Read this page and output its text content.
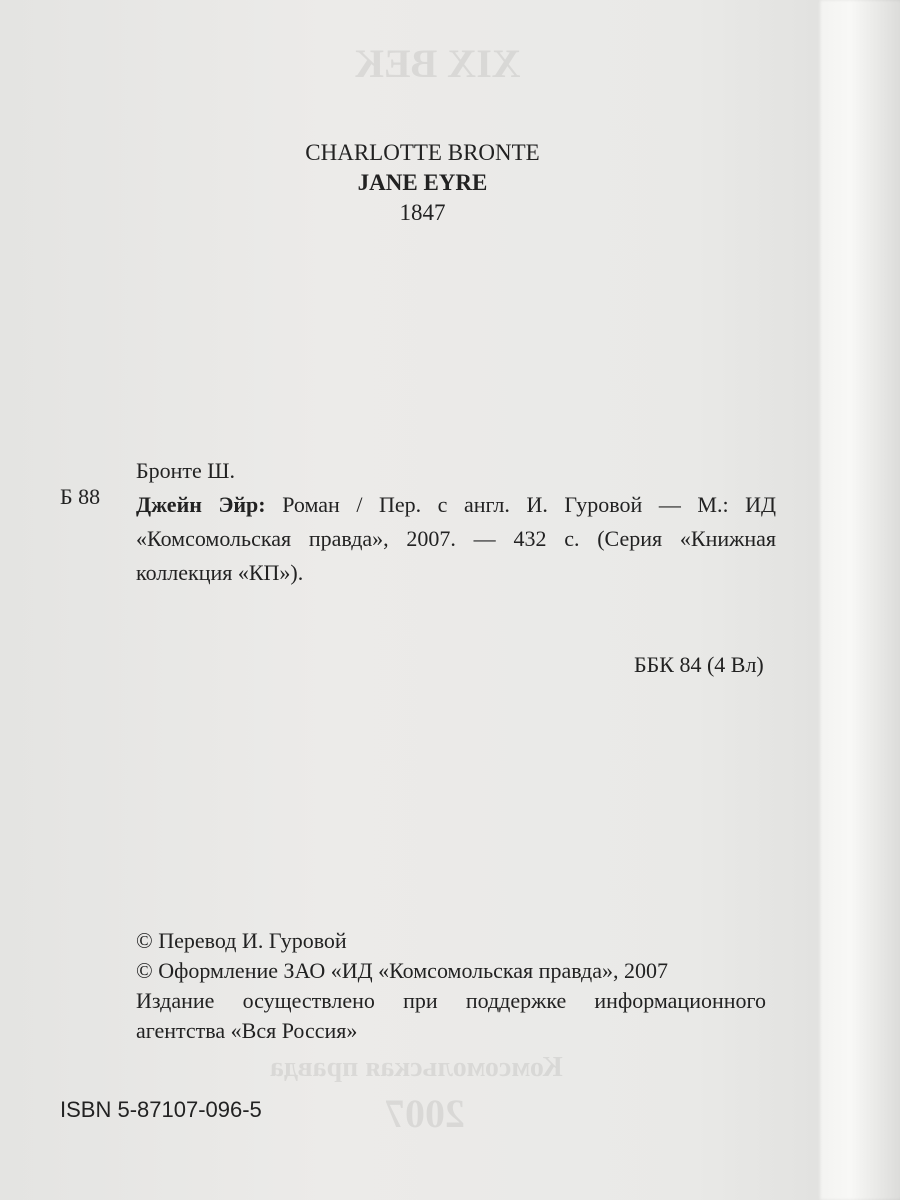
XIX ВЕК
Комсомольская правда
2007
CHARLOTTE BRONTE
JANE EYRE
1847
Б 88
Бронте Ш.
Джейн Эйр: Роман / Пер. с англ. И. Гуровой — М.: ИД
«Комсомольская правда», 2007. — 432 с. (Серия «Книжная
коллекция «КП»).
ББК 84 (4 Вл)
© Перевод И. Гуровой
© Оформление ЗАО «ИД «Комсомольская правда», 2007
Издание осуществлено при поддержке информационного
агентства «Вся Россия»
ISBN 5-87107-096-5
